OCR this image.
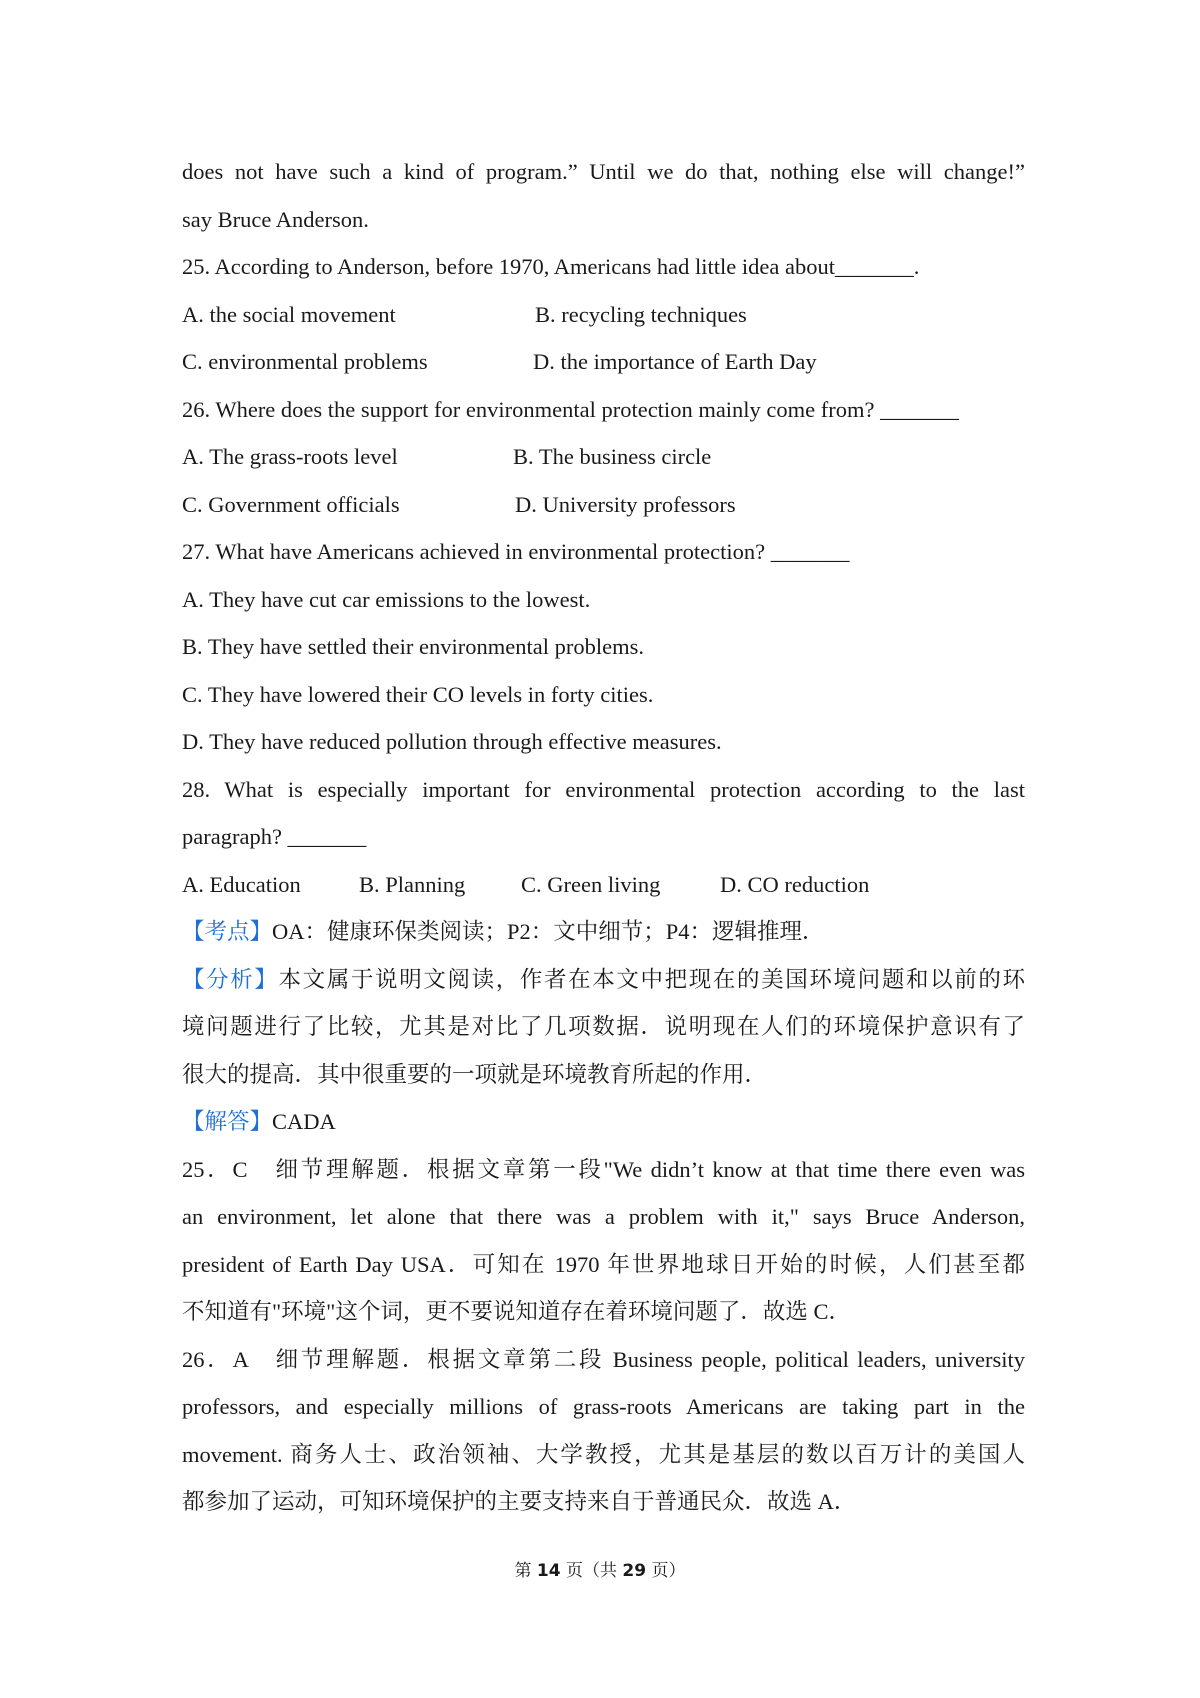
does not have such a kind of program.” Until we do that, nothing else will change!”
say Bruce Anderson.
25. According to Anderson, before 1970, Americans had little idea about_______.
A. the social movement	B. recycling techniques
C. environmental problems	D. the importance of Earth Day
26. Where does the support for environmental protection mainly come from? _______
A. The grass-roots level	B. The business circle
C. Government officials	D. University professors
27. What have Americans achieved in environmental protection? _______
A. They have cut car emissions to the lowest.
B. They have settled their environmental problems.
C. They have lowered their CO levels in forty cities.
D. They have reduced pollution through effective measures.
28. What is especially important for environmental protection according to the last
paragraph? _______
A. Education	B. Planning	C. Green living	D. CO reduction
【考点】OA：健康环保类阅读；P2：文中细节；P4：逻辑推理．
【分析】本文属于说明文阅读，作者在本文中把现在的美国环境问题和以前的环
境问题进行了比较，尤其是对比了几项数据．说明现在人们的环境保护意识有了
很大的提高．其中很重要的一项就是环境教育所起的作用．
【解答】CADA
25．C　细节理解题．根据文章第一段"We didn’t know at that time there even was
an environment, let alone that there was a problem with it," says Bruce Anderson,
president of Earth Day USA．可知在 1970 年世界地球日开始的时候，人们甚至都
不知道有"环境"这个词，更不要说知道存在着环境问题了．故选 C．
26．A　细节理解题．根据文章第二段 Business people, political leaders, university
professors, and especially millions of grass-roots Americans are taking part in the
movement. 商务人士、政治领袖、大学教授，尤其是基层的数以百万计的美国人
都参加了运动，可知环境保护的主要支持来自于普通民众．故选 A．
第 14 页（共 29 页）
